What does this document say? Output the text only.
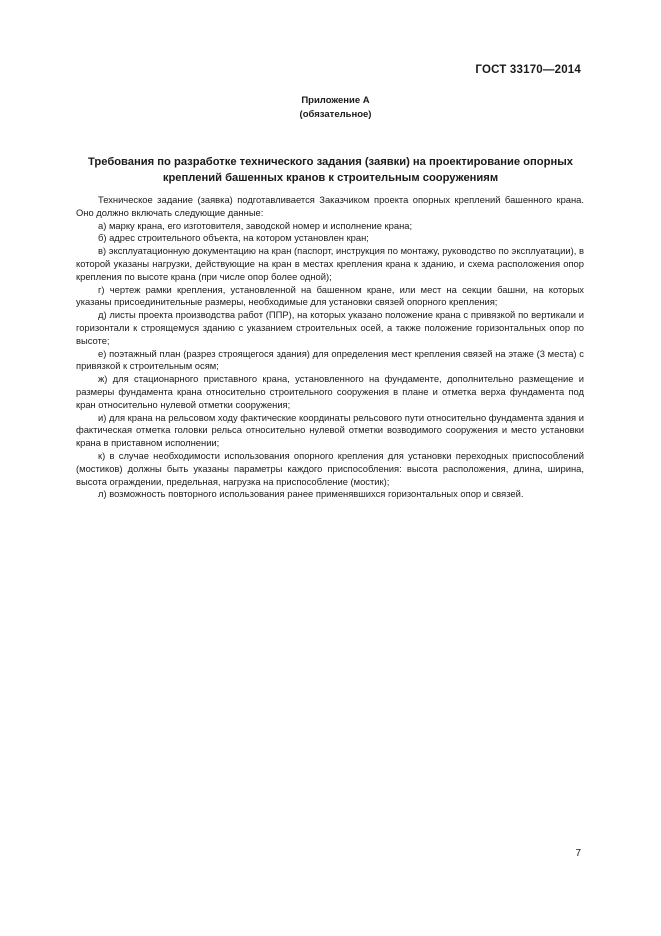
ГОСТ 33170—2014
Приложение А
(обязательное)
Требования по разработке технического задания (заявки) на проектирование опорных креплений башенных кранов к строительным сооружениям

Техническое задание (заявка) подготавливается Заказчиком проекта опорных креплений башенного крана. Оно должно включать следующие данные:

а) марку крана, его изготовителя, заводской номер и исполнение крана;

б) адрес строительного объекта, на котором установлен кран;

в) эксплуатационную документацию на кран (паспорт, инструкция по монтажу, руководство по эксплуатации), в которой указаны нагрузки, действующие на кран в местах крепления крана к зданию, и схема расположения опор крепления по высоте крана (при числе опор более одной);

г) чертеж рамки крепления, установленной на башенном кране, или мест на секции башни, на которых указаны присоединительные размеры, необходимые для установки связей опорного крепления;

д) листы проекта производства работ (ППР), на которых указано положение крана с привязкой по вертикали и горизонтали к строящемуся зданию с указанием строительных осей, а также положение горизонтальных опор по высоте;

е) поэтажный план (разрез строящегося здания) для определения мест крепления связей на этаже (3 места) с привязкой к строительным осям;

ж) для стационарного приставного крана, установленного на фундаменте, дополнительно размещение и размеры фундамента крана относительно строительного сооружения в плане и отметка верха фундамента под кран относительно нулевой отметки сооружения;

и) для крана на рельсовом ходу фактические координаты рельсового пути относительно фундамента здания и фактическая отметка головки рельса относительно нулевой отметки возводимого сооружения и место установки крана в приставном исполнении;

к) в случае необходимости использования опорного крепления для установки переходных приспособлений (мостиков) должны быть указаны параметры каждого приспособления: высота расположения, длина, ширина, высота ограждении, предельная, нагрузка на приспособление (мостик);

л) возможность повторного использования ранее применявшихся горизонтальных опор и связей.

7
